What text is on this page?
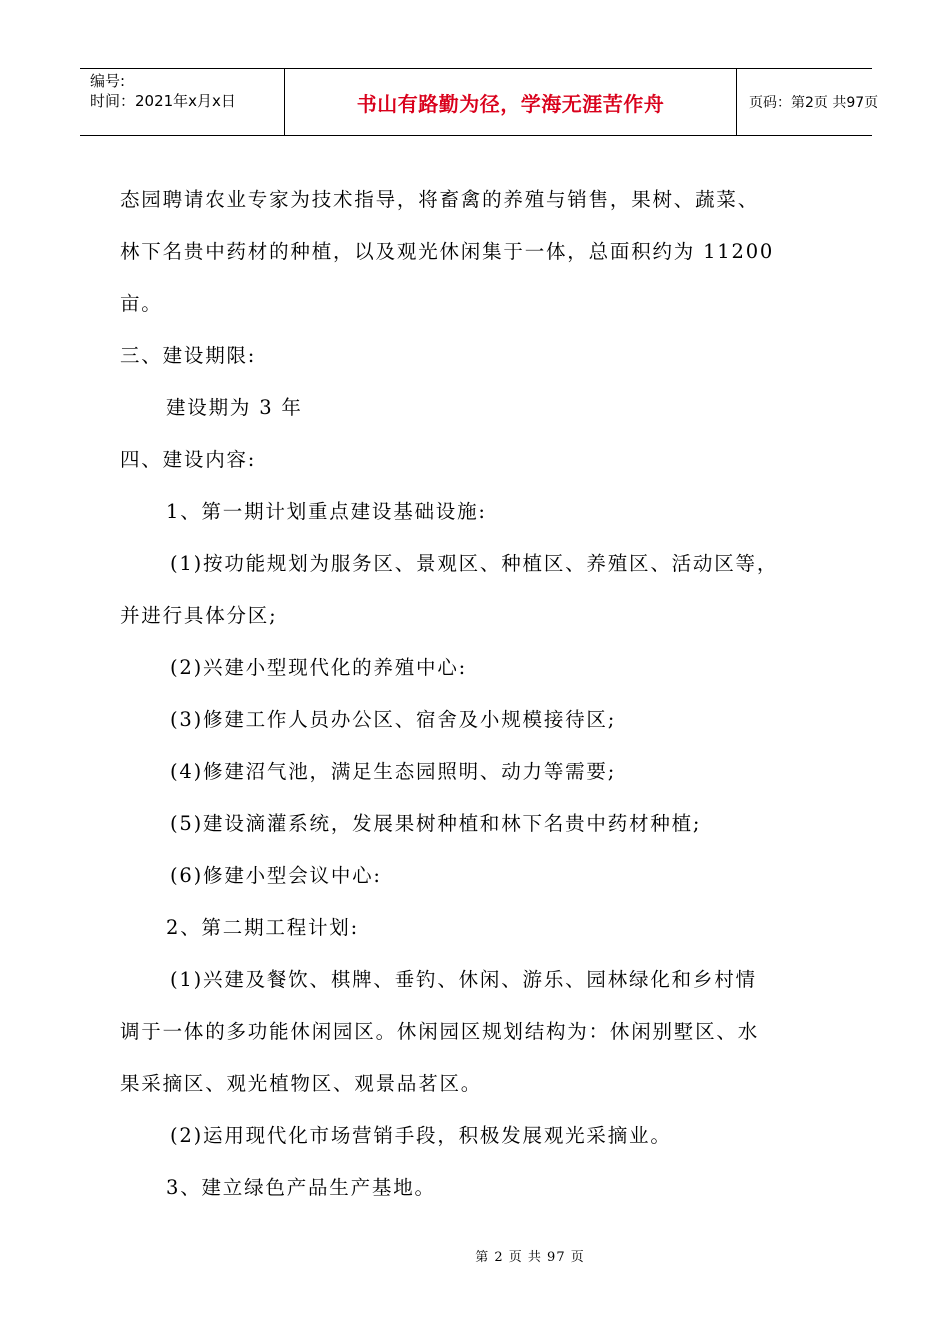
编号:
时间：2021年x月x日	书山有路勤为径，学海无涯苦作舟	页码：第2页 共97页

态园聘请农业专家为技术指导，将畜禽的养殖与销售，果树、蔬菜、

林下名贵中药材的种植，以及观光休闲集于一体，总面积约为 11200

亩。

三、建设期限:

建设期为 3 年

四、建设内容:

1、第一期计划重点建设基础设施:

(1)按功能规划为服务区、景观区、种植区、养殖区、活动区等，

并进行具体分区;

(2)兴建小型现代化的养殖中心:

(3)修建工作人员办公区、宿舍及小规模接待区;

(4)修建沼气池，满足生态园照明、动力等需要;

(5)建设滴灌系统，发展果树种植和林下名贵中药材种植;

(6)修建小型会议中心:

2、第二期工程计划:

(1)兴建及餐饮、棋牌、垂钓、休闲、游乐、园林绿化和乡村情

调于一体的多功能休闲园区。休闲园区规划结构为：休闲别墅区、水

果采摘区、观光植物区、观景品茗区。

(2)运用现代化市场营销手段，积极发展观光采摘业。

3、建立绿色产品生产基地。

第 2 页 共 97 页
